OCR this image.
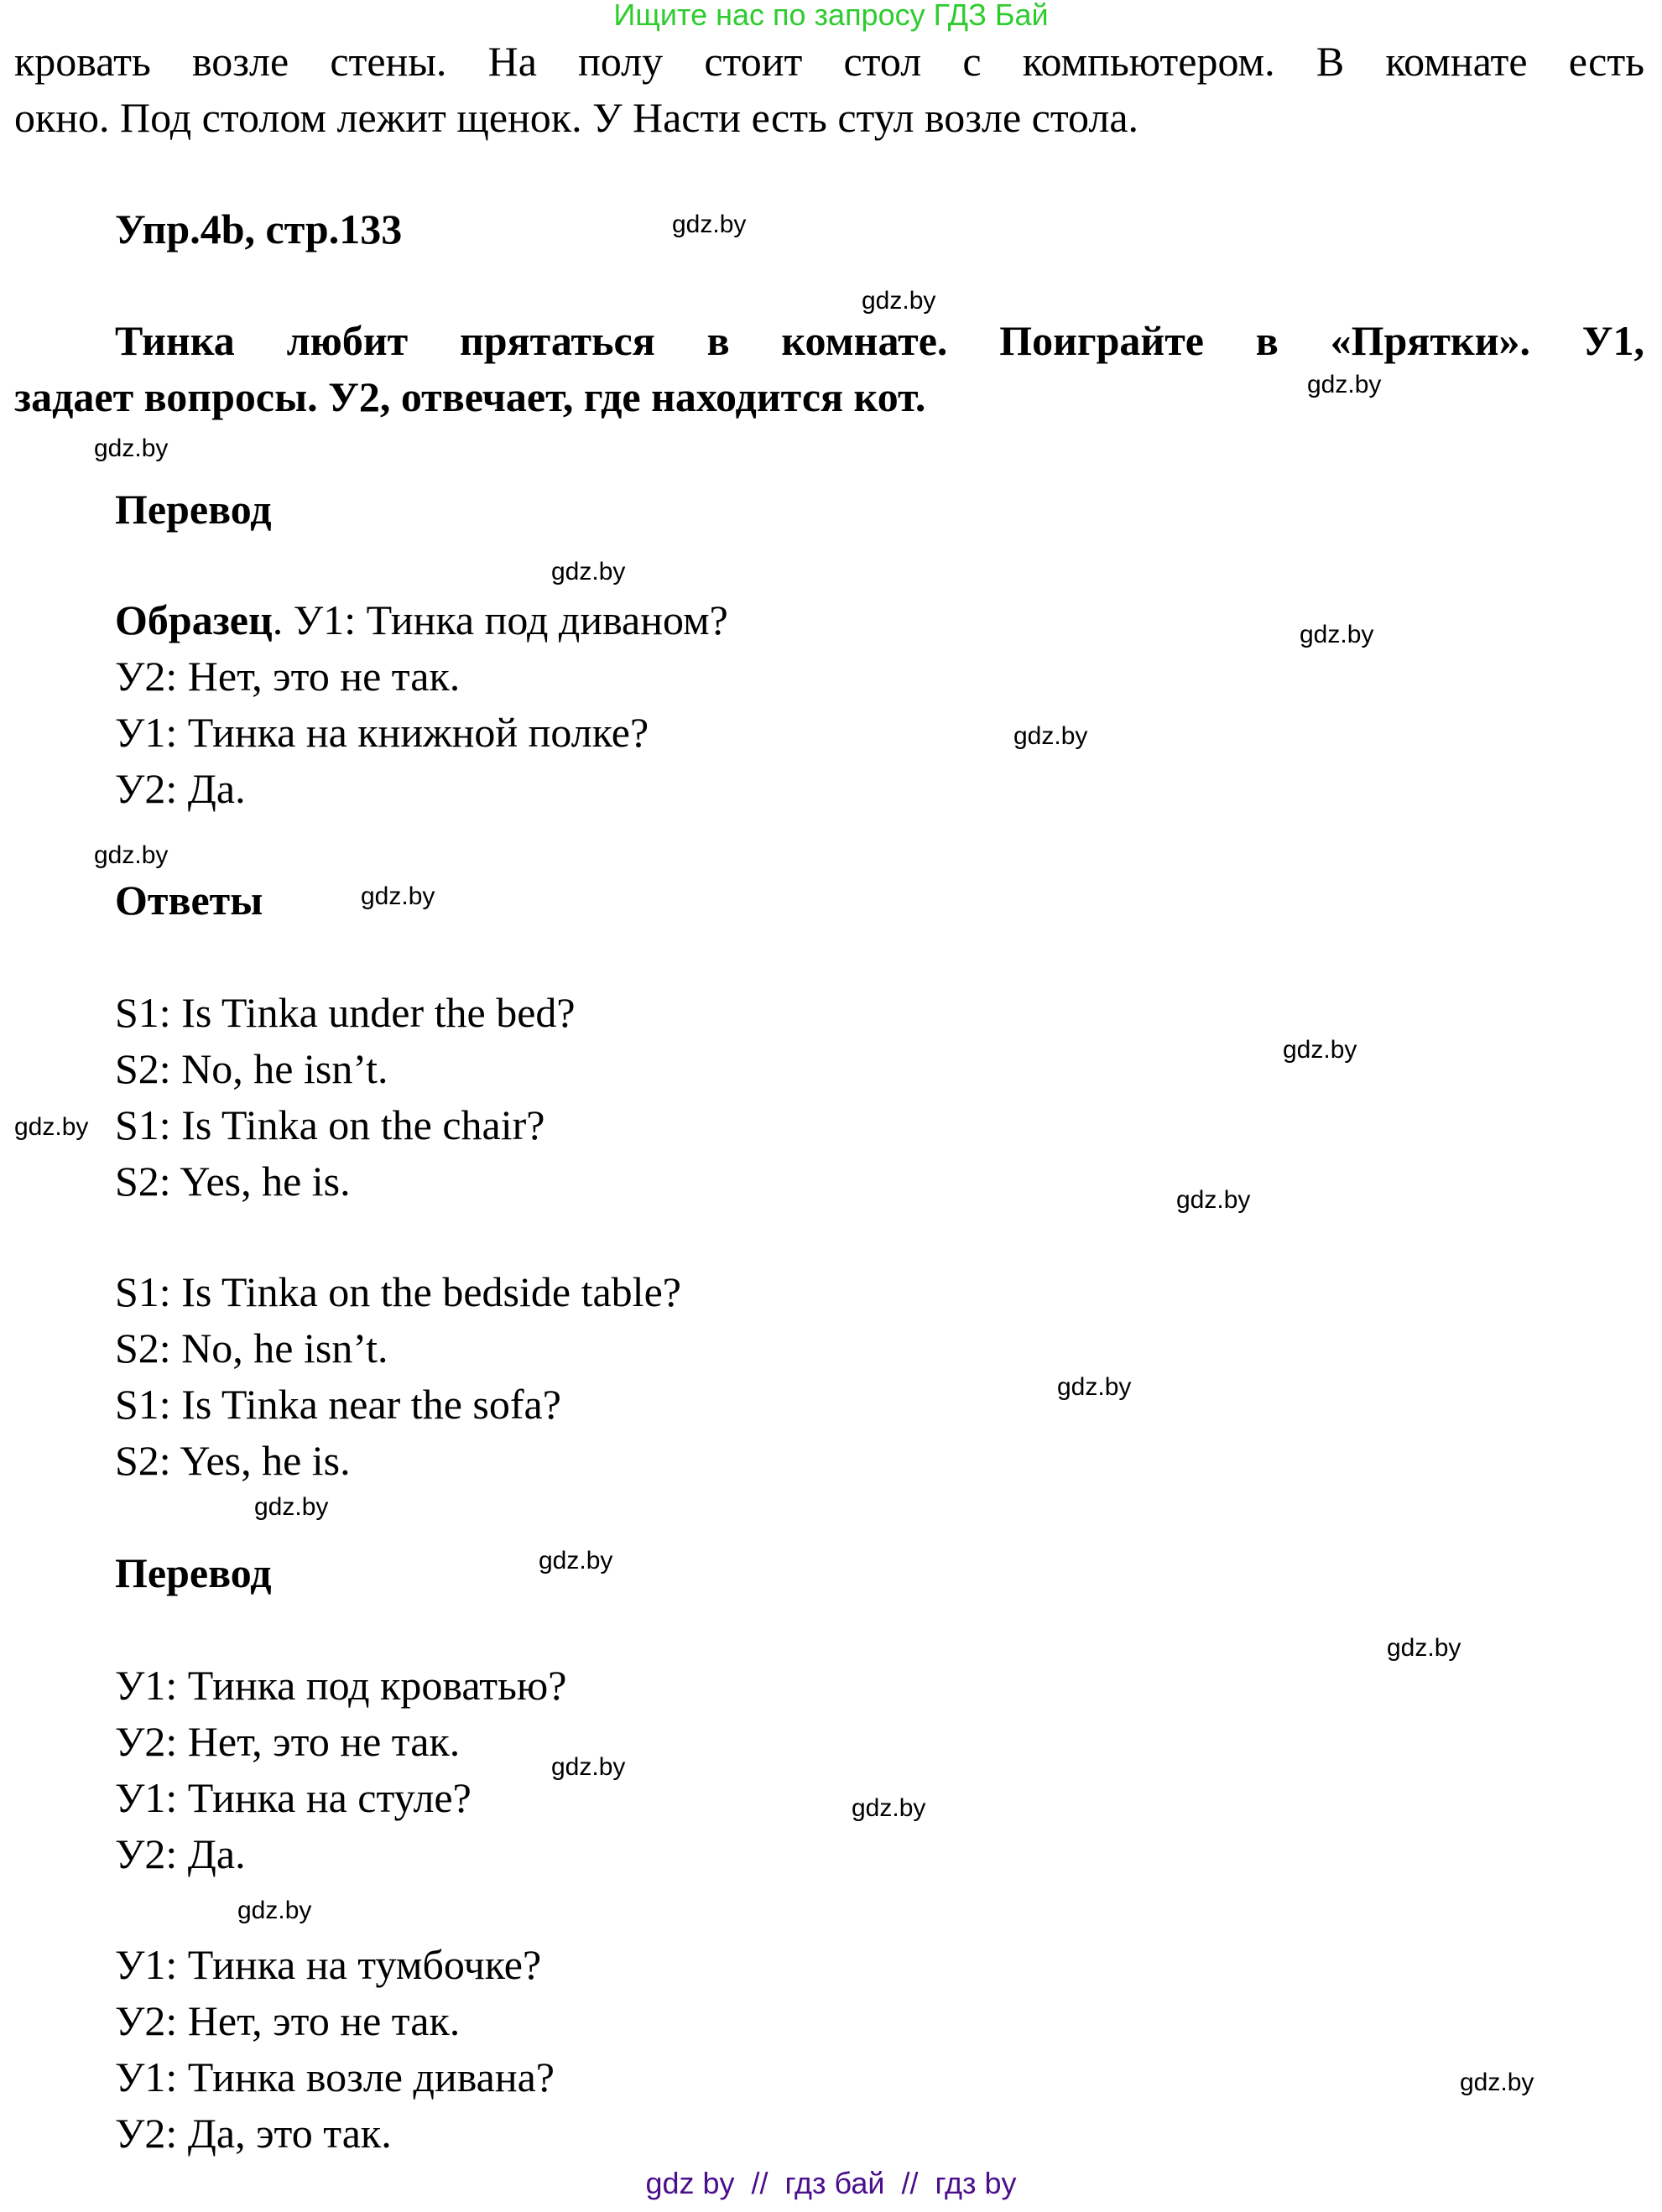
Ищите нас по запросу ГДЗ Бай
кровать возле стены. На полу стоит стол с компьютером. В комнате есть
окно. Под столом лежит щенок. У Насти есть стул возле стола.
Упр.4b, стр.133
Тинка любит прятаться в комнате. Поиграйте в «Прятки». У1,
задает вопросы. У2, отвечает, где находится кот.
Перевод
Образец. У1: Тинка под диваном?
У2: Нет, это не так.
У1: Тинка на книжной полке?
У2: Да.
Ответы
S1: Is Tinka under the bed?
S2: No, he isn’t.
S1: Is Tinka on the chair?
S2: Yes, he is.
S1: Is Tinka on the bedside table?
S2: No, he isn’t.
S1: Is Tinka near the sofa?
S2: Yes, he is.
Перевод
У1: Тинка под кроватью?
У2: Нет, это не так.
У1: Тинка на стуле?
У2: Да.
У1: Тинка на тумбочке?
У2: Нет, это не так.
У1: Тинка возле дивана?
У2: Да, это так.
gdz.by
gdz.by
gdz.by
gdz.by
gdz.by
gdz.by
gdz.by
gdz.by
gdz.by
gdz.by
gdz.by
gdz.by
gdz.by
gdz.by
gdz.by
gdz.by
gdz.by
gdz.by
gdz.by
gdz.by
gdz by  //  гдз бай  //  гдз by
